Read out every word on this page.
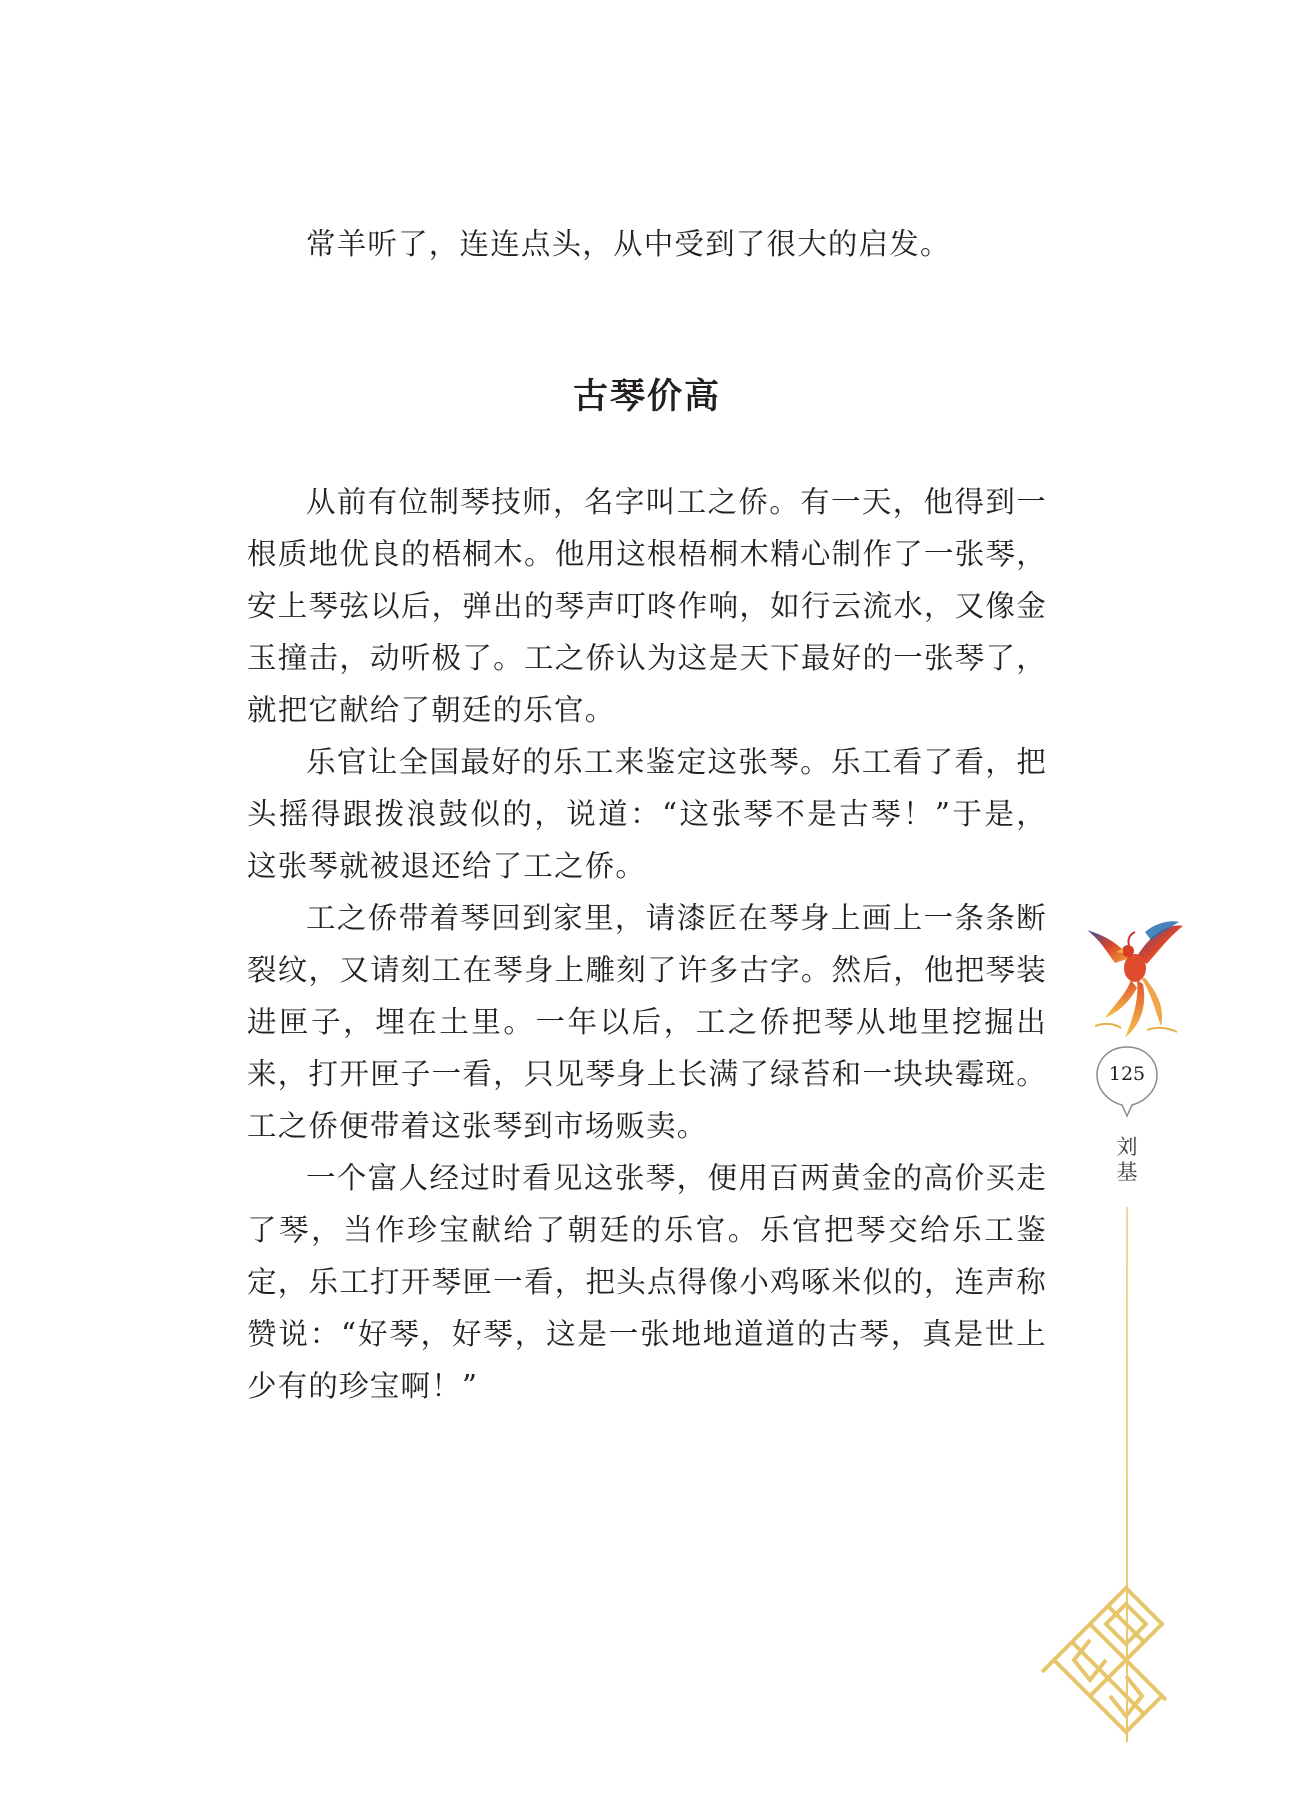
常羊听了，连连点头，从中受到了很大的启发。

古琴价高

从前有位制琴技师，名字叫工之侨。有一天，他得到一根质地优良的梧桐木。他用这根梧桐木精心制作了一张琴，安上琴弦以后，弹出的琴声叮咚作响，如行云流水，又像金玉撞击，动听极了。工之侨认为这是天下最好的一张琴了，就把它献给了朝廷的乐官。

乐官让全国最好的乐工来鉴定这张琴。乐工看了看，把头摇得跟拨浪鼓似的，说道：“这张琴不是古琴！”于是，这张琴就被退还给了工之侨。

工之侨带着琴回到家里，请漆匠在琴身上画上一条条断裂纹，又请刻工在琴身上雕刻了许多古字。然后，他把琴装进匣子，埋在土里。一年以后，工之侨把琴从地里挖掘出来，打开匣子一看，只见琴身上长满了绿苔和一块块霉斑。工之侨便带着这张琴到市场贩卖。

一个富人经过时看见这张琴，便用百两黄金的高价买走了琴，当作珍宝献给了朝廷的乐官。乐官把琴交给乐工鉴定，乐工打开琴匣一看，把头点得像小鸡啄米似的，连声称赞说：“好琴，好琴，这是一张地地道道的古琴，真是世上少有的珍宝啊！”

125
刘基
